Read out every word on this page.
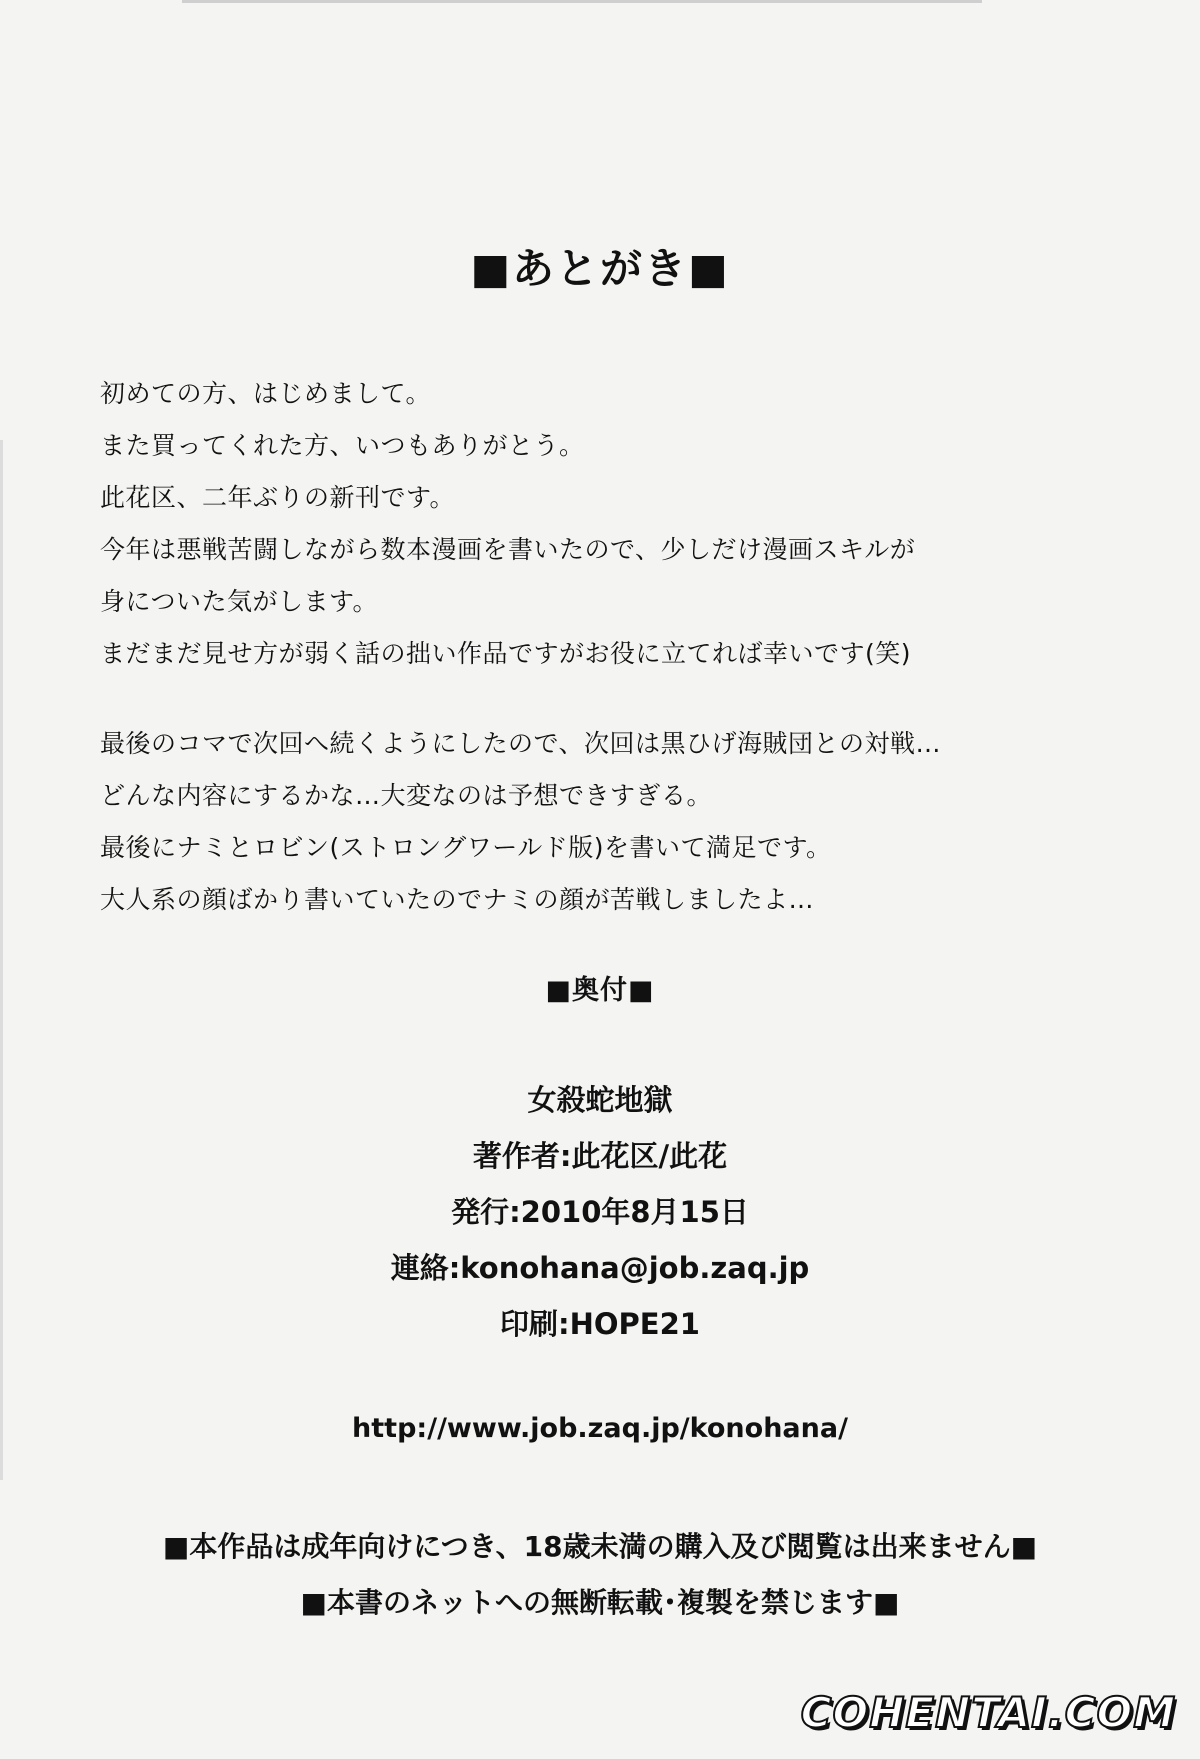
■あとがき■

初めての方、はじめまして。

また買ってくれた方、いつもありがとう。

此花区、二年ぶりの新刊です。

今年は悪戦苦闘しながら数本漫画を書いたので、少しだけ漫画スキルが

身についた気がします。

まだまだ見せ方が弱く話の拙い作品ですがお役に立てれば幸いです(笑)

最後のコマで次回へ続くようにしたので、次回は黒ひげ海賊団との対戦…

どんな内容にするかな…大変なのは予想できすぎる。

最後にナミとロビン(ストロングワールド版)を書いて満足です。

大人系の顔ばかり書いていたのでナミの顔が苦戦しましたよ…

■奥付■
女殺蛇地獄
著作者:此花区/此花
発行:2010年8月15日
連絡:konohana@job.zaq.jp
印刷:HOPE21
http://www.job.zaq.jp/konohana/
■本作品は成年向けにつき、18歳未満の購入及び閲覧は出来ません■
■本書のネットへの無断転載･複製を禁じます■
COHENTAI.COM
